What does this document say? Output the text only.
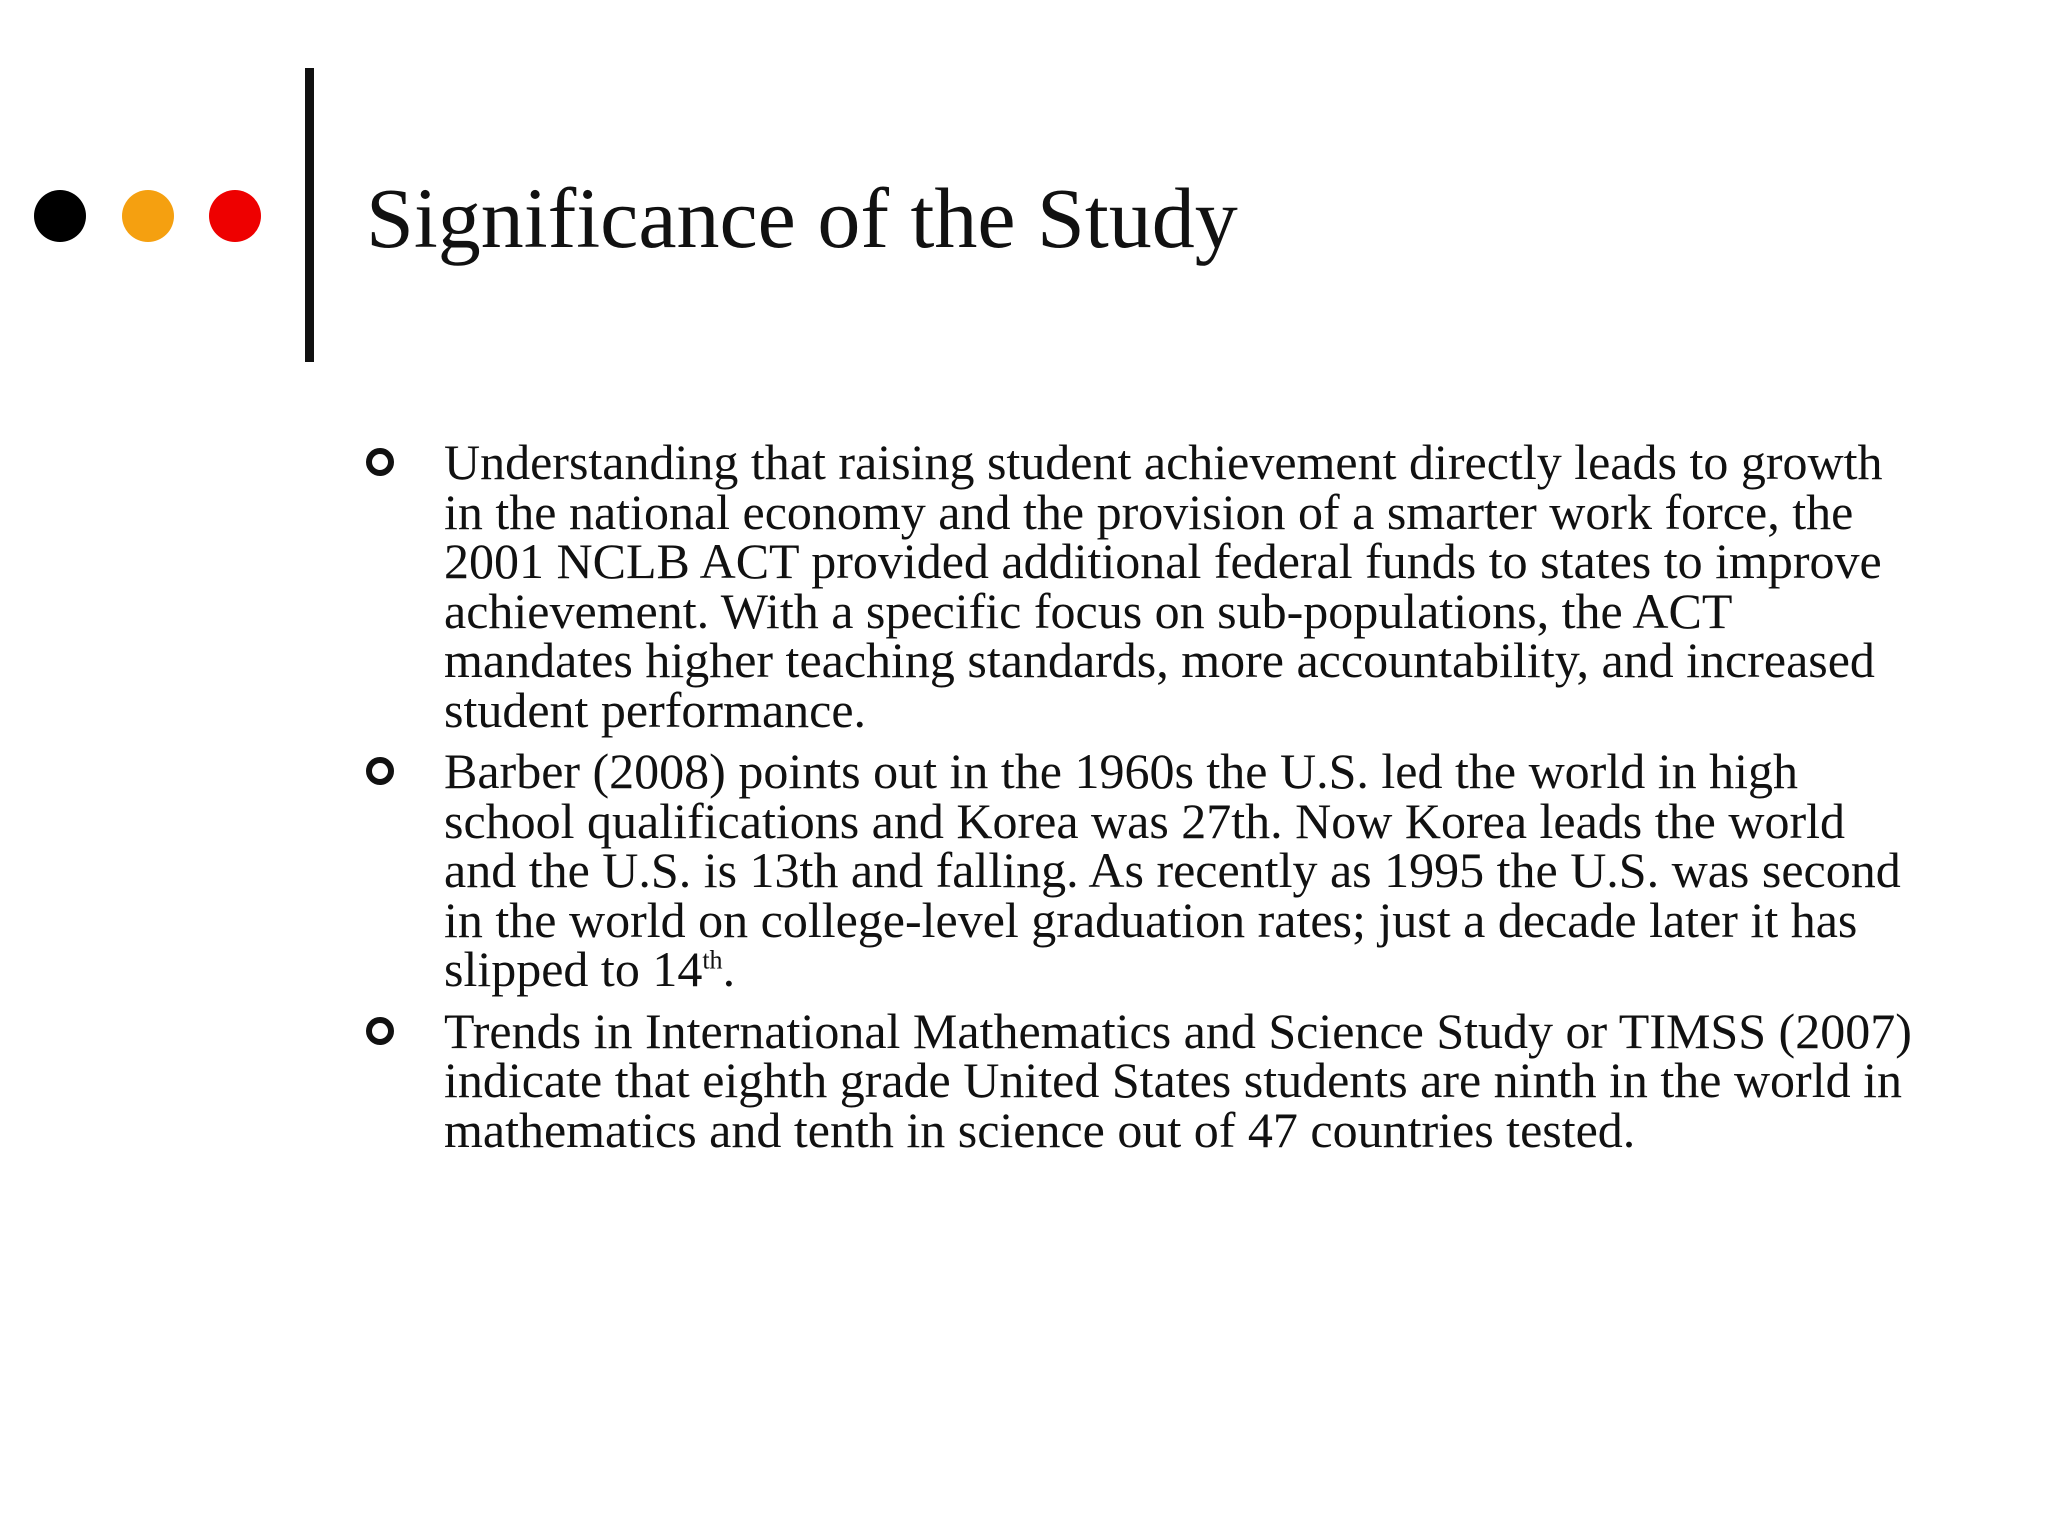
Significance of the Study
Understanding that raising student achievement directly leads to growth in the national economy and the provision of a smarter work force, the 2001 NCLB ACT provided additional federal funds to states to improve achievement. With a specific focus on sub-populations, the ACT mandates higher teaching standards, more accountability, and increased student performance.
Barber (2008) points out in the 1960s the U.S. led the world in high school qualifications and Korea was 27th. Now Korea leads the world and the U.S. is 13th and falling. As recently as 1995 the U.S. was second in the world on college-level graduation rates; just a decade later it has slipped to 14th.
Trends in International Mathematics and Science Study or TIMSS (2007) indicate that eighth grade United States students are ninth in the world in mathematics and tenth in science out of 47 countries tested.
